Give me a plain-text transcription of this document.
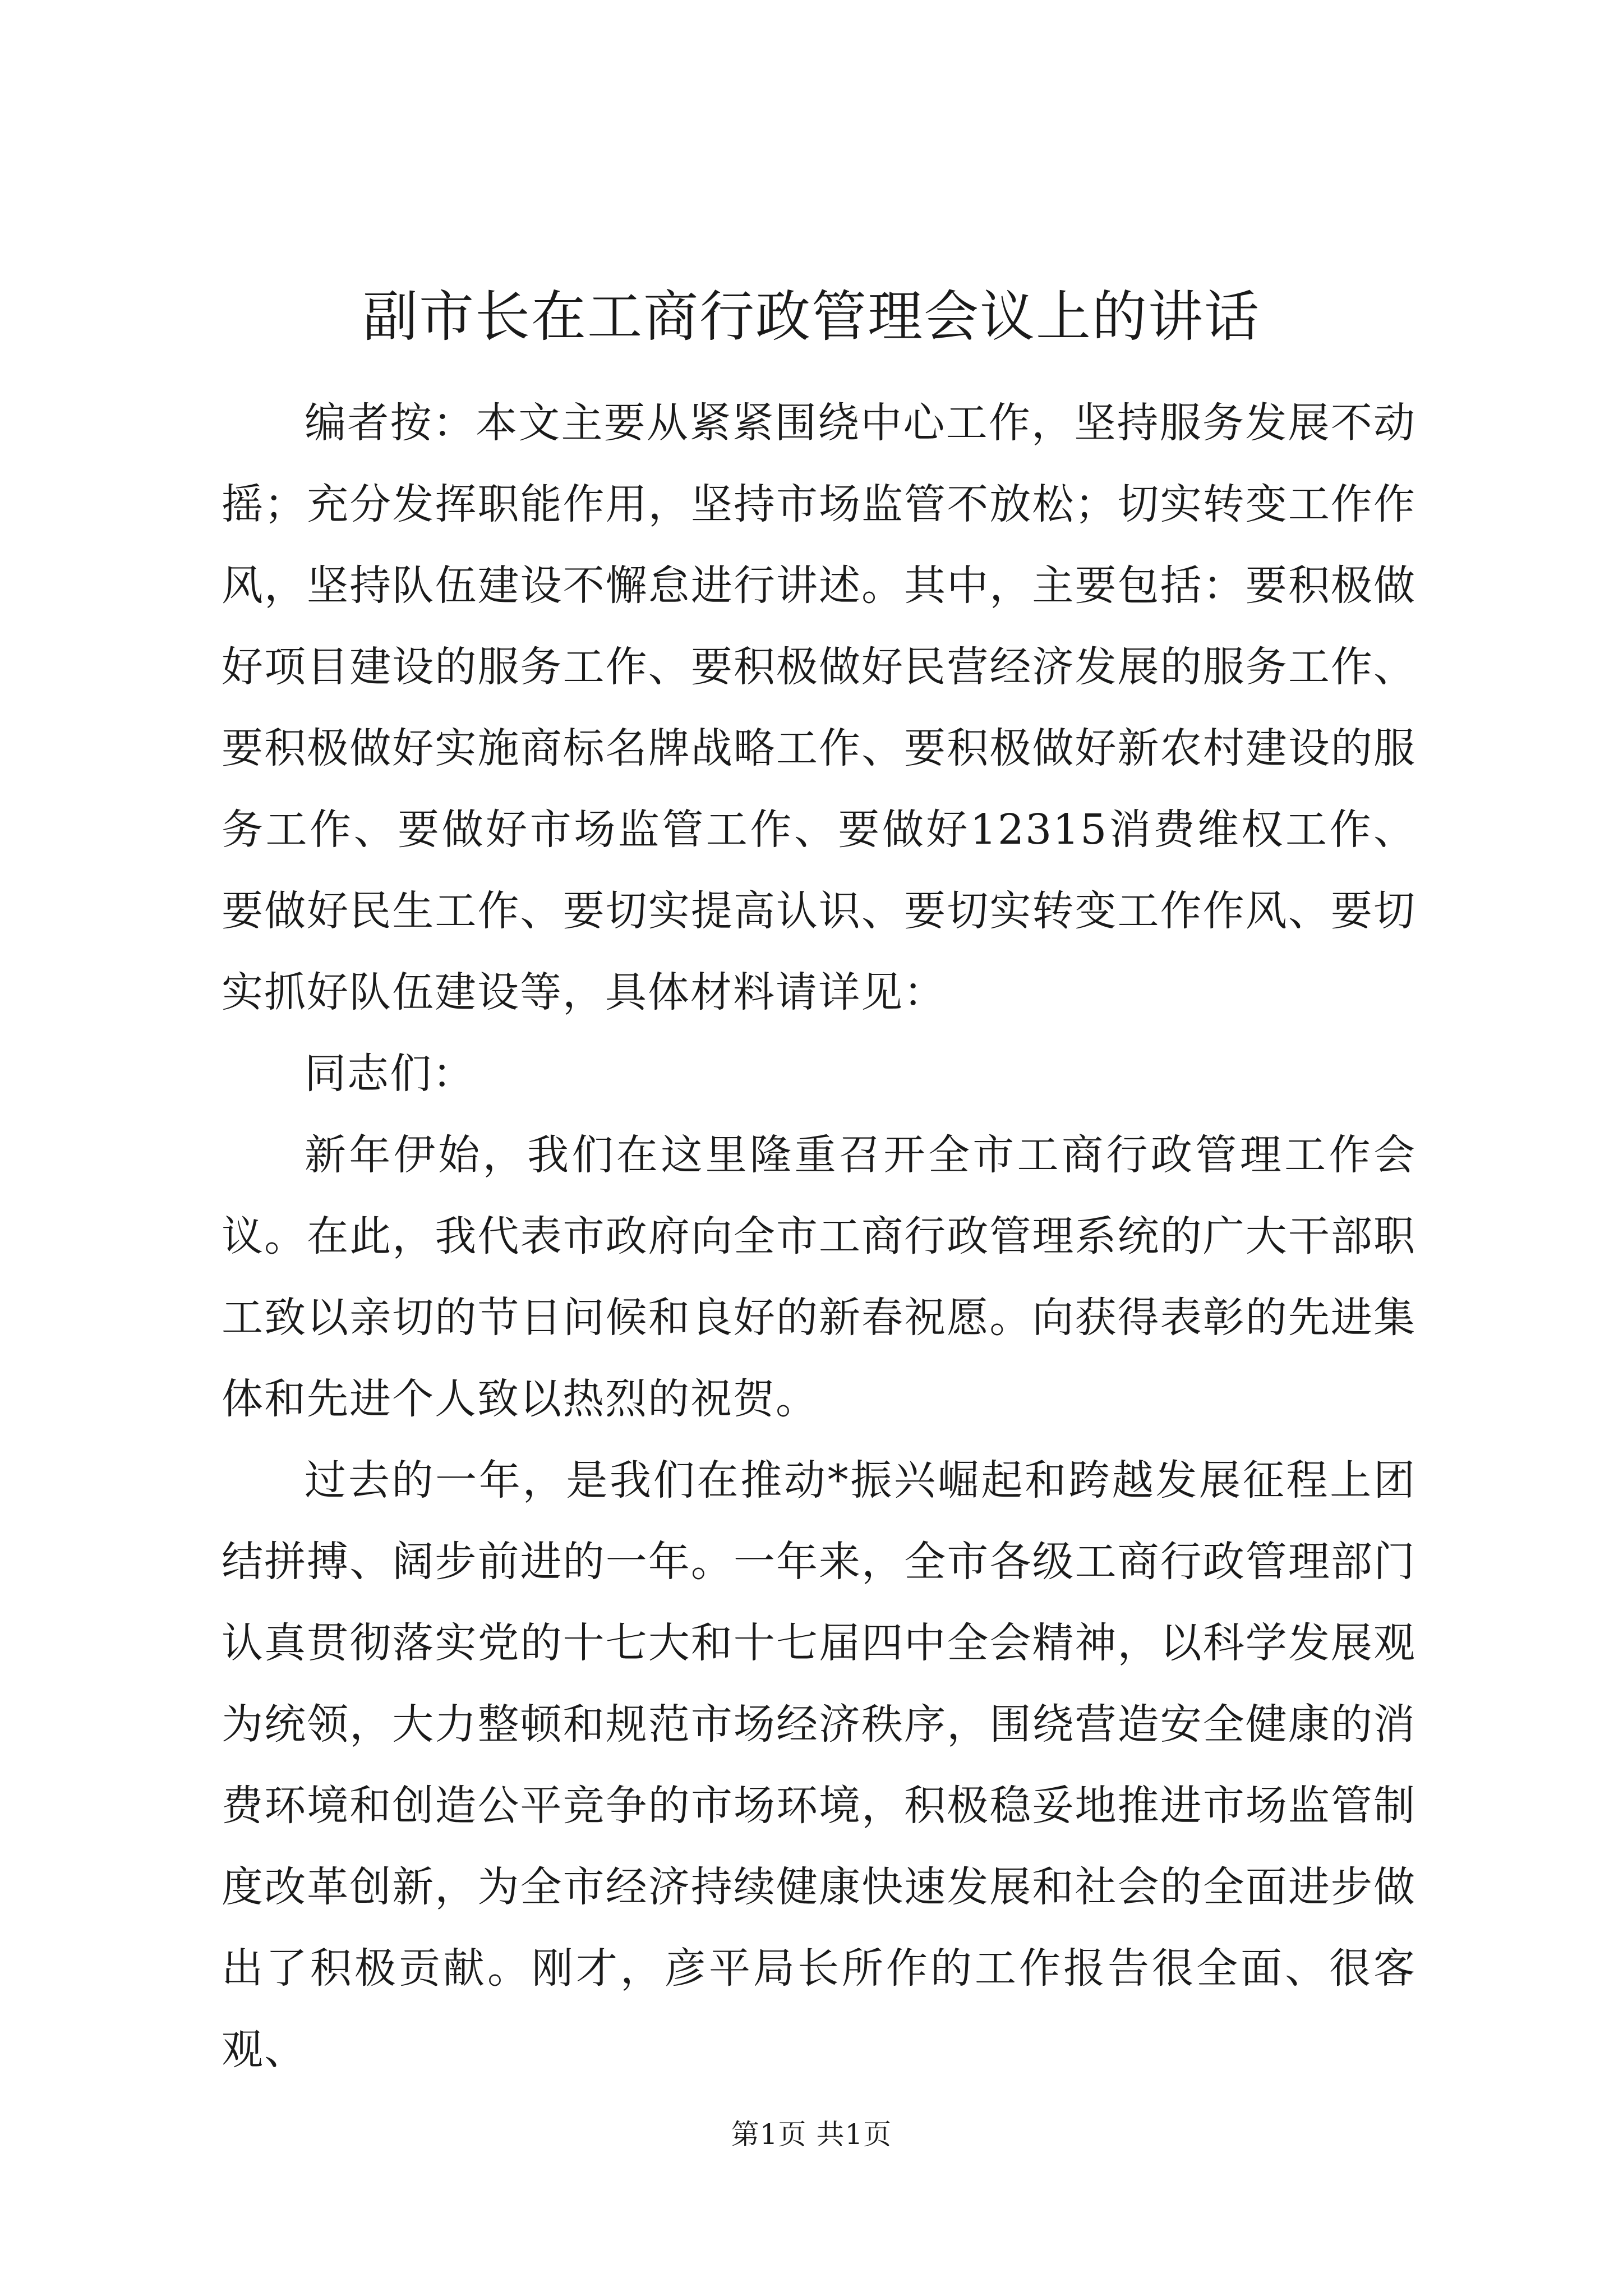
副市长在工商行政管理会议上的讲话

编者按：本文主要从紧紧围绕中心工作，坚持服务发展不动摇；充分发挥职能作用，坚持市场监管不放松；切实转变工作作风，坚持队伍建设不懈怠进行讲述。其中，主要包括：要积极做好项目建设的服务工作、要积极做好民营经济发展的服务工作、要积极做好实施商标名牌战略工作、要积极做好新农村建设的服务工作、要做好市场监管工作、要做好12315消费维权工作、要做好民生工作、要切实提高认识、要切实转变工作作风、要切实抓好队伍建设等，具体材料请详见：

同志们：

新年伊始，我们在这里隆重召开全市工商行政管理工作会议。在此，我代表市政府向全市工商行政管理系统的广大干部职工致以亲切的节日问候和良好的新春祝愿。向获得表彰的先进集体和先进个人致以热烈的祝贺。

过去的一年，是我们在推动*振兴崛起和跨越发展征程上团结拼搏、阔步前进的一年。一年来，全市各级工商行政管理部门认真贯彻落实党的十七大和十七届四中全会精神，以科学发展观为统领，大力整顿和规范市场经济秩序，围绕营造安全健康的消费环境和创造公平竞争的市场环境，积极稳妥地推进市场监管制度改革创新，为全市经济持续健康快速发展和社会的全面进步做出了积极贡献。刚才，彦平局长所作的工作报告很全面、很客观、

第1页 共1页
